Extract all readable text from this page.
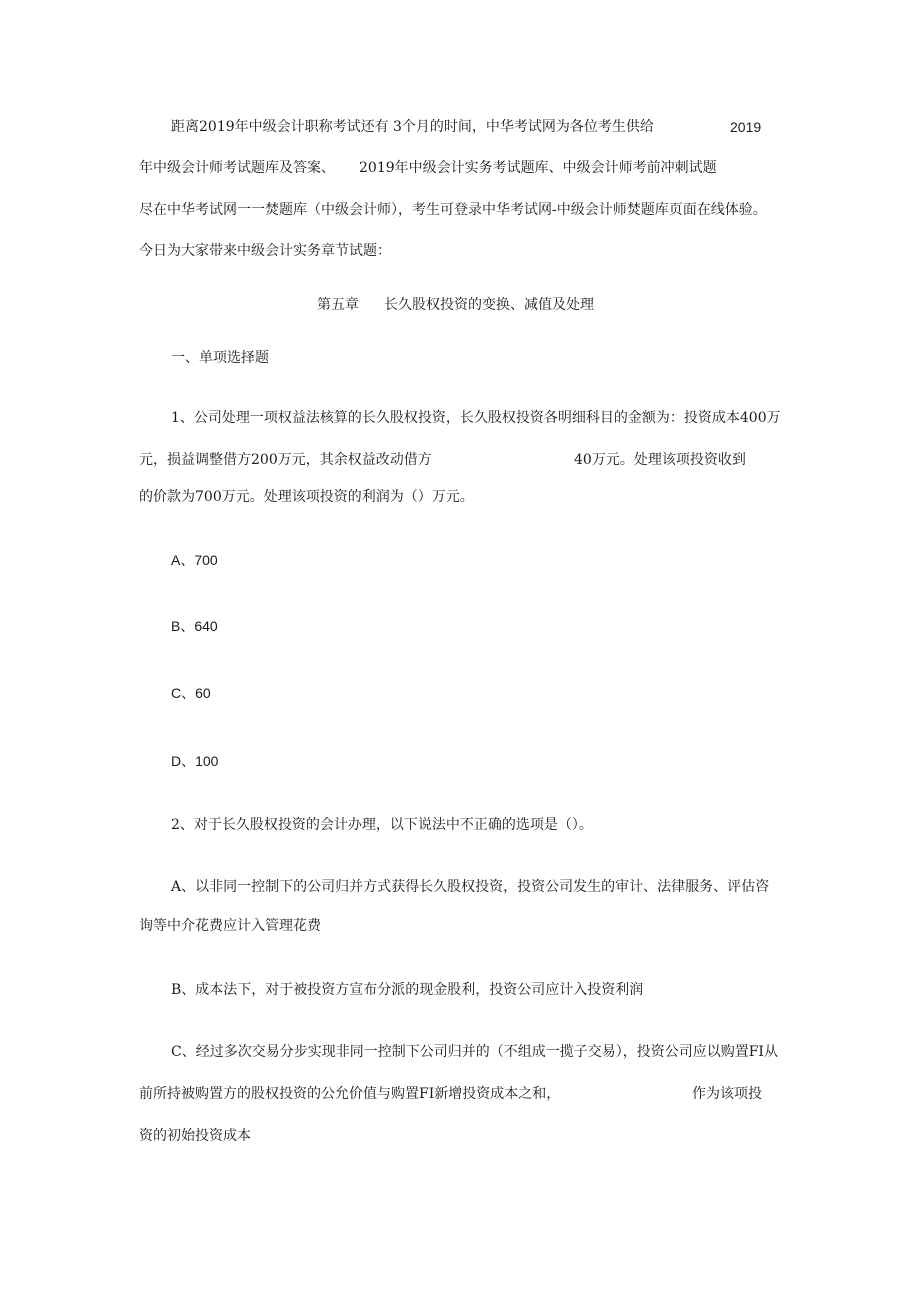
距离2019年中级会计职称考试还有 3个月的时间，中华考试网为各位考生供给	2019
年中级会计师考试题库及答案、 2019年中级会计实务考试题库、中级会计师考前冲刺试题
尽在中华考试网一一焚题库（中级会计师），考生可登录中华考试网-中级会计师焚题库页面在线体验。
今日为大家带来中级会计实务章节试题：
第五章 长久股权投资的变换、减值及处理
一、单项选择题
1、公司处理一项权益法核算的长久股权投资，长久股权投资各明细科目的金额为：投资成本400万
元，损益调整借方200万元，其余权益改动借方	40万元。处理该项投资收到
的价款为700万元。处理该项投资的利润为（）万元。
A、700
B、640
C、60
D、100
2、对于长久股权投资的会计办理，以下说法中不正确的选项是（）。
A、以非同一控制下的公司归并方式获得长久股权投资，投资公司发生的审计、法律服务、评估咨
询等中介花费应计入管理花费
B、成本法下，对于被投资方宣布分派的现金股利，投资公司应计入投资利润
C、经过多次交易分步实现非同一控制下公司归并的（不组成一揽子交易），投资公司应以购置FI从
前所持被购置方的股权投资的公允价值与购置FI新增投资成本之和，	作为该项投
资的初始投资成本
